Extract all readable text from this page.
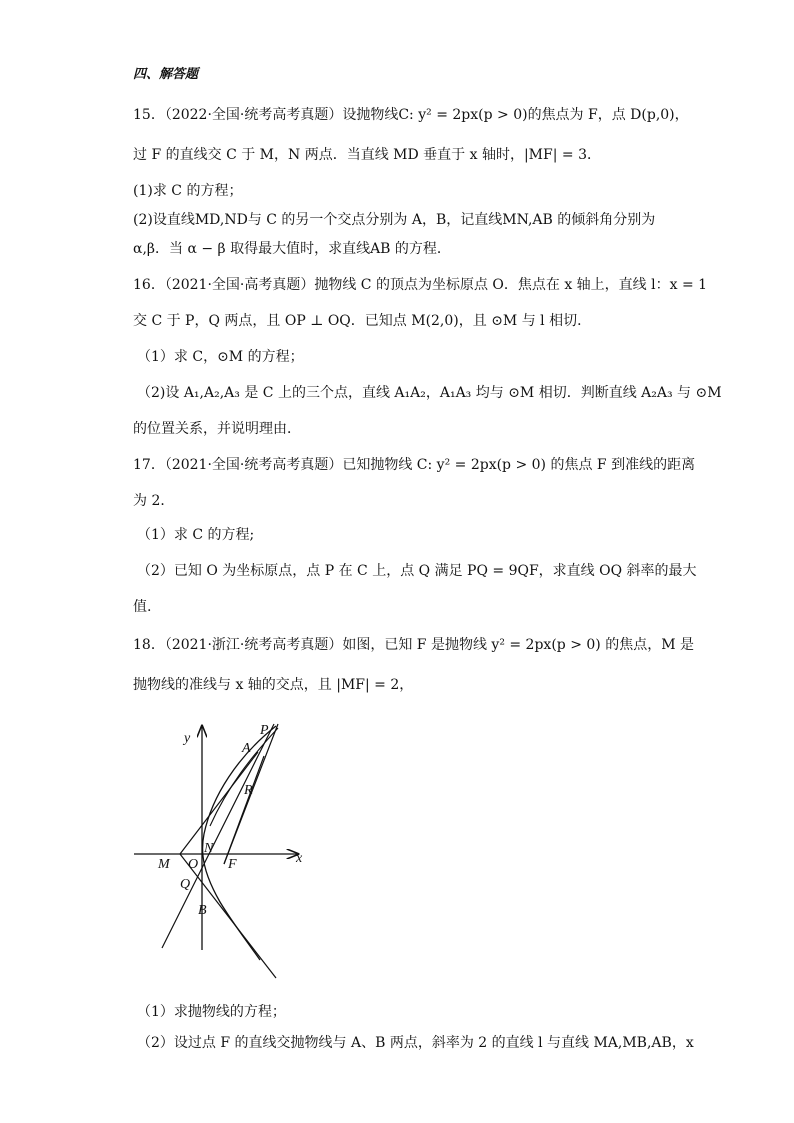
四、解答题
15．（2022·全国·统考高考真题）设抛物线C: y² = 2px(p > 0)的焦点为 F，点 D(p,0)，
过 F 的直线交 C 于 M，N 两点．当直线 MD 垂直于 x 轴时，|MF| = 3．
(1)求 C 的方程；
(2)设直线MD,ND与 C 的另一个交点分别为 A，B，记直线MN,AB 的倾斜角分别为
α,β．当 α − β 取得最大值时，求直线AB 的方程．
16．（2021·全国·高考真题）抛物线 C 的顶点为坐标原点 O．焦点在 x 轴上，直线 l：x = 1
交 C 于 P，Q 两点，且 OP ⊥ OQ．已知点 M(2,0)，且 ⊙M 与 l 相切．
（1）求 C，⊙M 的方程；
（2)设 A₁,A₂,A₃ 是 C 上的三个点，直线 A₁A₂，A₁A₃ 均与 ⊙M 相切．判断直线 A₂A₃ 与 ⊙M
的位置关系，并说明理由．
17．（2021·全国·统考高考真题）已知抛物线 C: y² = 2px(p > 0) 的焦点 F 到准线的距离
为 2．
（1）求 C 的方程;
（2）已知 O 为坐标原点，点 P 在 C 上，点 Q 满足 PQ = 9QF，求直线 OQ 斜率的最大
值.
18．（2021·浙江·统考高考真题）如图，已知 F 是抛物线 y² = 2px(p > 0) 的焦点，M 是
抛物线的准线与 x 轴的交点，且 |MF| = 2，
y
x
P
A
R
N
M O F
Q
B
（1）求抛物线的方程；
（2）设过点 F 的直线交抛物线与 A、B 两点，斜率为 2 的直线 l 与直线 MA,MB,AB，x
